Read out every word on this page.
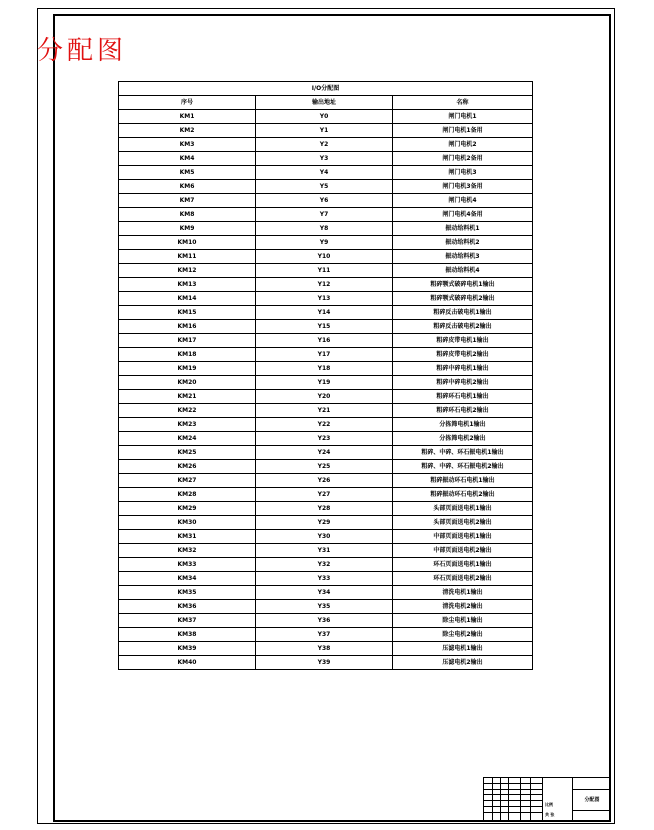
分配图
I/O分配图		
序号	输出地址	名称
KM1	Y0	闸门电机1
KM2	Y1	闸门电机1备用
KM3	Y2	闸门电机2
KM4	Y3	闸门电机2备用
KM5	Y4	闸门电机3
KM6	Y5	闸门电机3备用
KM7	Y6	闸门电机4
KM8	Y7	闸门电机4备用
KM9	Y8	振动给料机1
KM10	Y9	振动给料机2
KM11	Y10	振动给料机3
KM12	Y11	振动给料机4
KM13	Y12	粗碎颚式破碎电机1输出
KM14	Y13	粗碎颚式破碎电机2输出
KM15	Y14	粗碎反击破电机1输出
KM16	Y15	粗碎反击破电机2输出
KM17	Y16	粗碎皮带电机1输出
KM18	Y17	粗碎皮带电机2输出
KM19	Y18	粗碎中碎电机1输出
KM20	Y19	粗碎中碎电机2输出
KM21	Y20	粗碎环石电机1输出
KM22	Y21	粗碎环石电机2输出
KM23	Y22	分拣筛电机1输出
KM24	Y23	分拣筛电机2输出
KM25	Y24	粗碎、中碎、环石振电机1输出
KM26	Y25	粗碎、中碎、环石振电机2输出
KM27	Y26	粗碎振动环石电机1输出
KM28	Y27	粗碎振动环石电机2输出
KM29	Y28	头部页面送电机1输出
KM30	Y29	头部页面送电机2输出
KM31	Y30	中部页面送电机1输出
KM32	Y31	中部页面送电机2输出
KM33	Y32	环石页面送电机1输出
KM34	Y33	环石页面送电机2输出
KM35	Y34	清洗电机1输出
KM36	Y35	清洗电机2输出
KM37	Y36	除尘电机1输出
KM38	Y37	除尘电机2输出
KM39	Y38	压滤电机1输出
KM40	Y39	压滤电机2输出
比例
共 张
分配图
